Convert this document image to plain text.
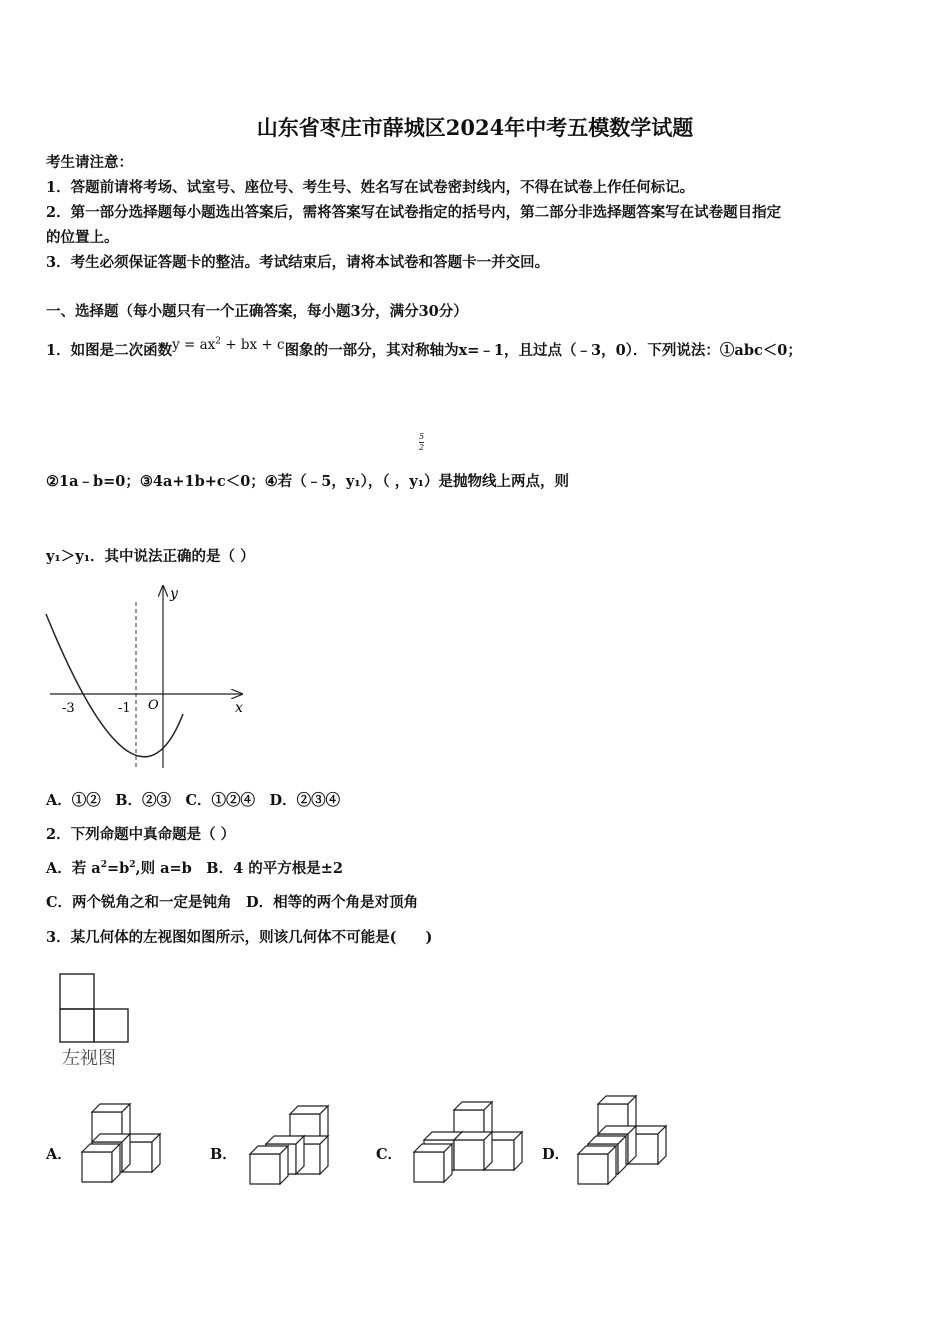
山东省枣庄市薛城区2024年中考五模数学试题
考生请注意：
1．答题前请将考场、试室号、座位号、考生号、姓名写在试卷密封线内，不得在试卷上作任何标记。
2．第一部分选择题每小题选出答案后，需将答案写在试卷指定的括号内，第二部分非选择题答案写在试卷题目指定
的位置上。
3．考生必须保证答题卡的整洁。考试结束后，请将本试卷和答题卡一并交回。
一、选择题（每小题只有一个正确答案，每小题3分，满分30分）
1．如图是二次函数$y = ax^2$ + bx + c图象的一部分，其对称轴为x=﹣1，且过点（﹣3，0）．下列说法：①abc＜0；
$\frac{5}{2}$
②1a﹣b=0；③4a+1b+c＜0；④若（﹣5，y₁），（ ，y₁）是抛物线上两点，则
y₁＞y₁．其中说法正确的是（ ）
y
x
O
-3	-1
A．①②　B．②③　C．①②④　D．②③④
2．下列命题中真命题是（ ）
A．若 $a^2=b^2$,则 a=b　B．4 的平方根是±2
C．两个锐角之和一定是钝角　D．相等的两个角是对顶角
3．某几何体的左视图如图所示，则该几何体不可能是(　　)
左视图
A．	B．	C．	D．
